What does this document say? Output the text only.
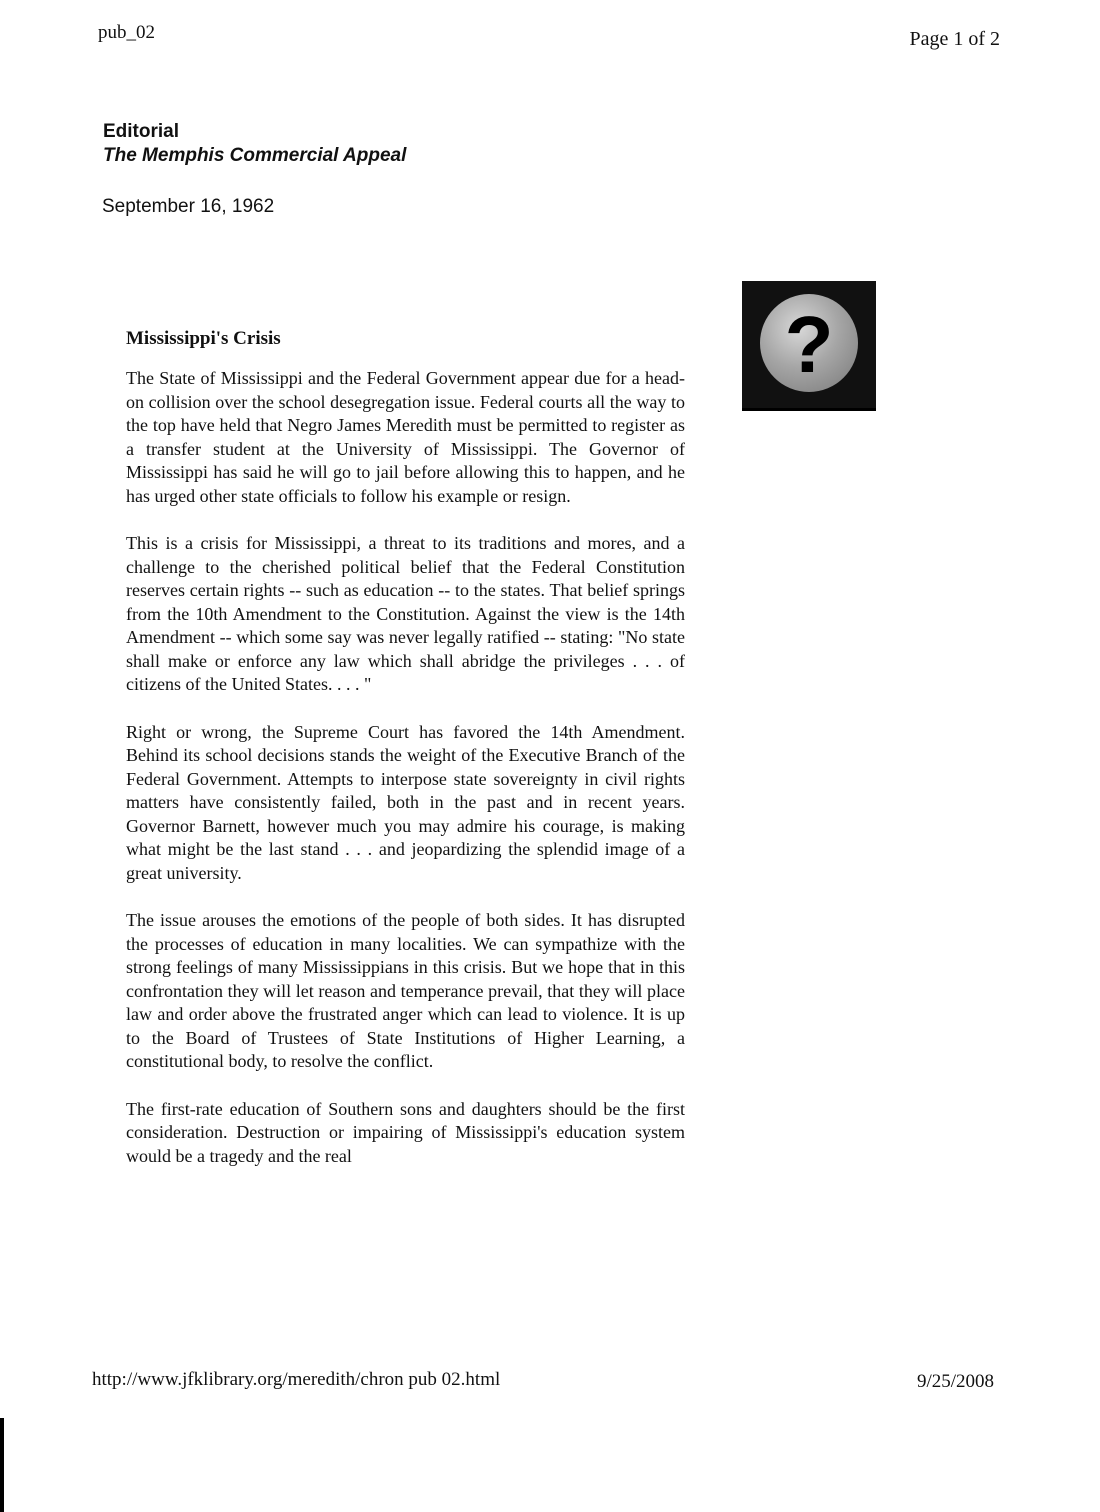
pub_02	Page 1 of 2
Editorial
The Memphis Commercial Appeal
September 16, 1962
?
Mississippi's Crisis

The State of Mississippi and the Federal Government appear due for a head-on collision over the school desegregation issue. Federal courts all the way to the top have held that Negro James Meredith must be permitted to register as a transfer student at the University of Mississippi. The Governor of Mississippi has said he will go to jail before allowing this to happen, and he has urged other state officials to follow his example or resign.

This is a crisis for Mississippi, a threat to its traditions and mores, and a challenge to the cherished political belief that the Federal Constitution reserves certain rights -- such as education -- to the states. That belief springs from the 10th Amendment to the Constitution. Against the view is the 14th Amendment -- which some say was never legally ratified -- stating: "No state shall make or enforce any law which shall abridge the privileges . . . of citizens of the United States. . . . "

Right or wrong, the Supreme Court has favored the 14th Amendment. Behind its school decisions stands the weight of the Executive Branch of the Federal Government. Attempts to interpose state sovereignty in civil rights matters have consistently failed, both in the past and in recent years. Governor Barnett, however much you may admire his courage, is making what might be the last stand . . . and jeopardizing the splendid image of a great university.

The issue arouses the emotions of the people of both sides. It has disrupted the processes of education in many localities. We can sympathize with the strong feelings of many Mississippians in this crisis. But we hope that in this confrontation they will let reason and temperance prevail, that they will place law and order above the frustrated anger which can lead to violence. It is up to the Board of Trustees of State Institutions of Higher Learning, a constitutional body, to resolve the conflict.

The first-rate education of Southern sons and daughters should be the first consideration. Destruction or impairing of Mississippi's education system would be a tragedy and the real

http://www.jfklibrary.org/meredith/chron pub 02.html	9/25/2008
